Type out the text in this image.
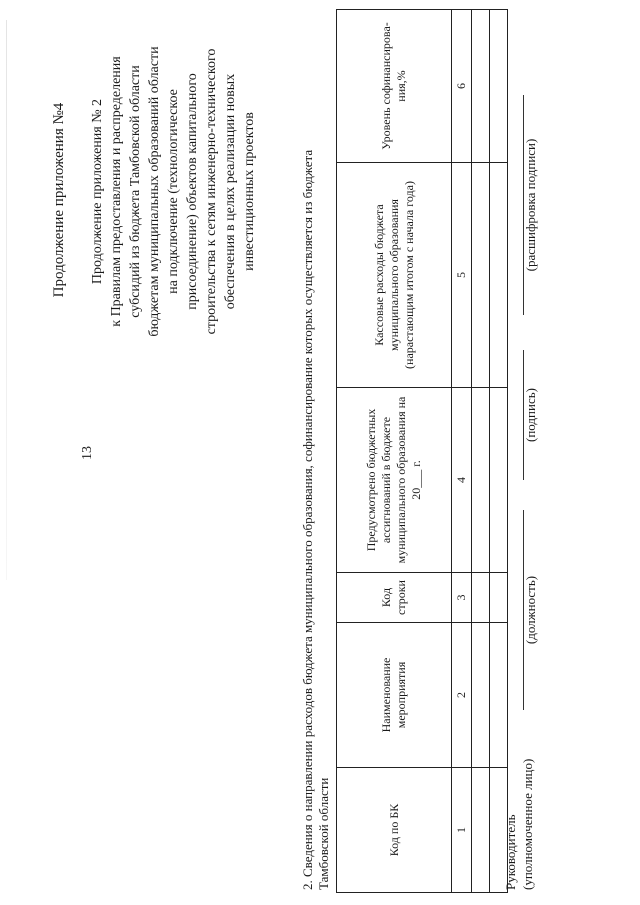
13
Продолжение приложения №4 Продолжение приложения № 2 к Правилам предоставления и распределения субсидий из бюджета Тамбовской области бюджетам муниципальных образований области на подключение (технологическое присоединение) объектов капитального строительства к сетям инженерно-технического обеспечения в целях реализации новых инвестиционных проектов	2. Сведения о направлении расходов бюджета муниципального образования, софинансирование которых осуществляется из бюджета Тамбовской области	Код по БК	Наименование мероприятия	Код строки	Предусмотрено бюджетных ассигнований в бюджете муниципального образования на 20___ г.	Кассовые расходы бюджета муниципального образования (нарастающим итогом с начала года)	Уровень софинансирова-ния,%
1	2	3	4	5	6

Руководитель (уполномоченное лицо)
(должность)
(подпись)
(расшифровка подписи)
